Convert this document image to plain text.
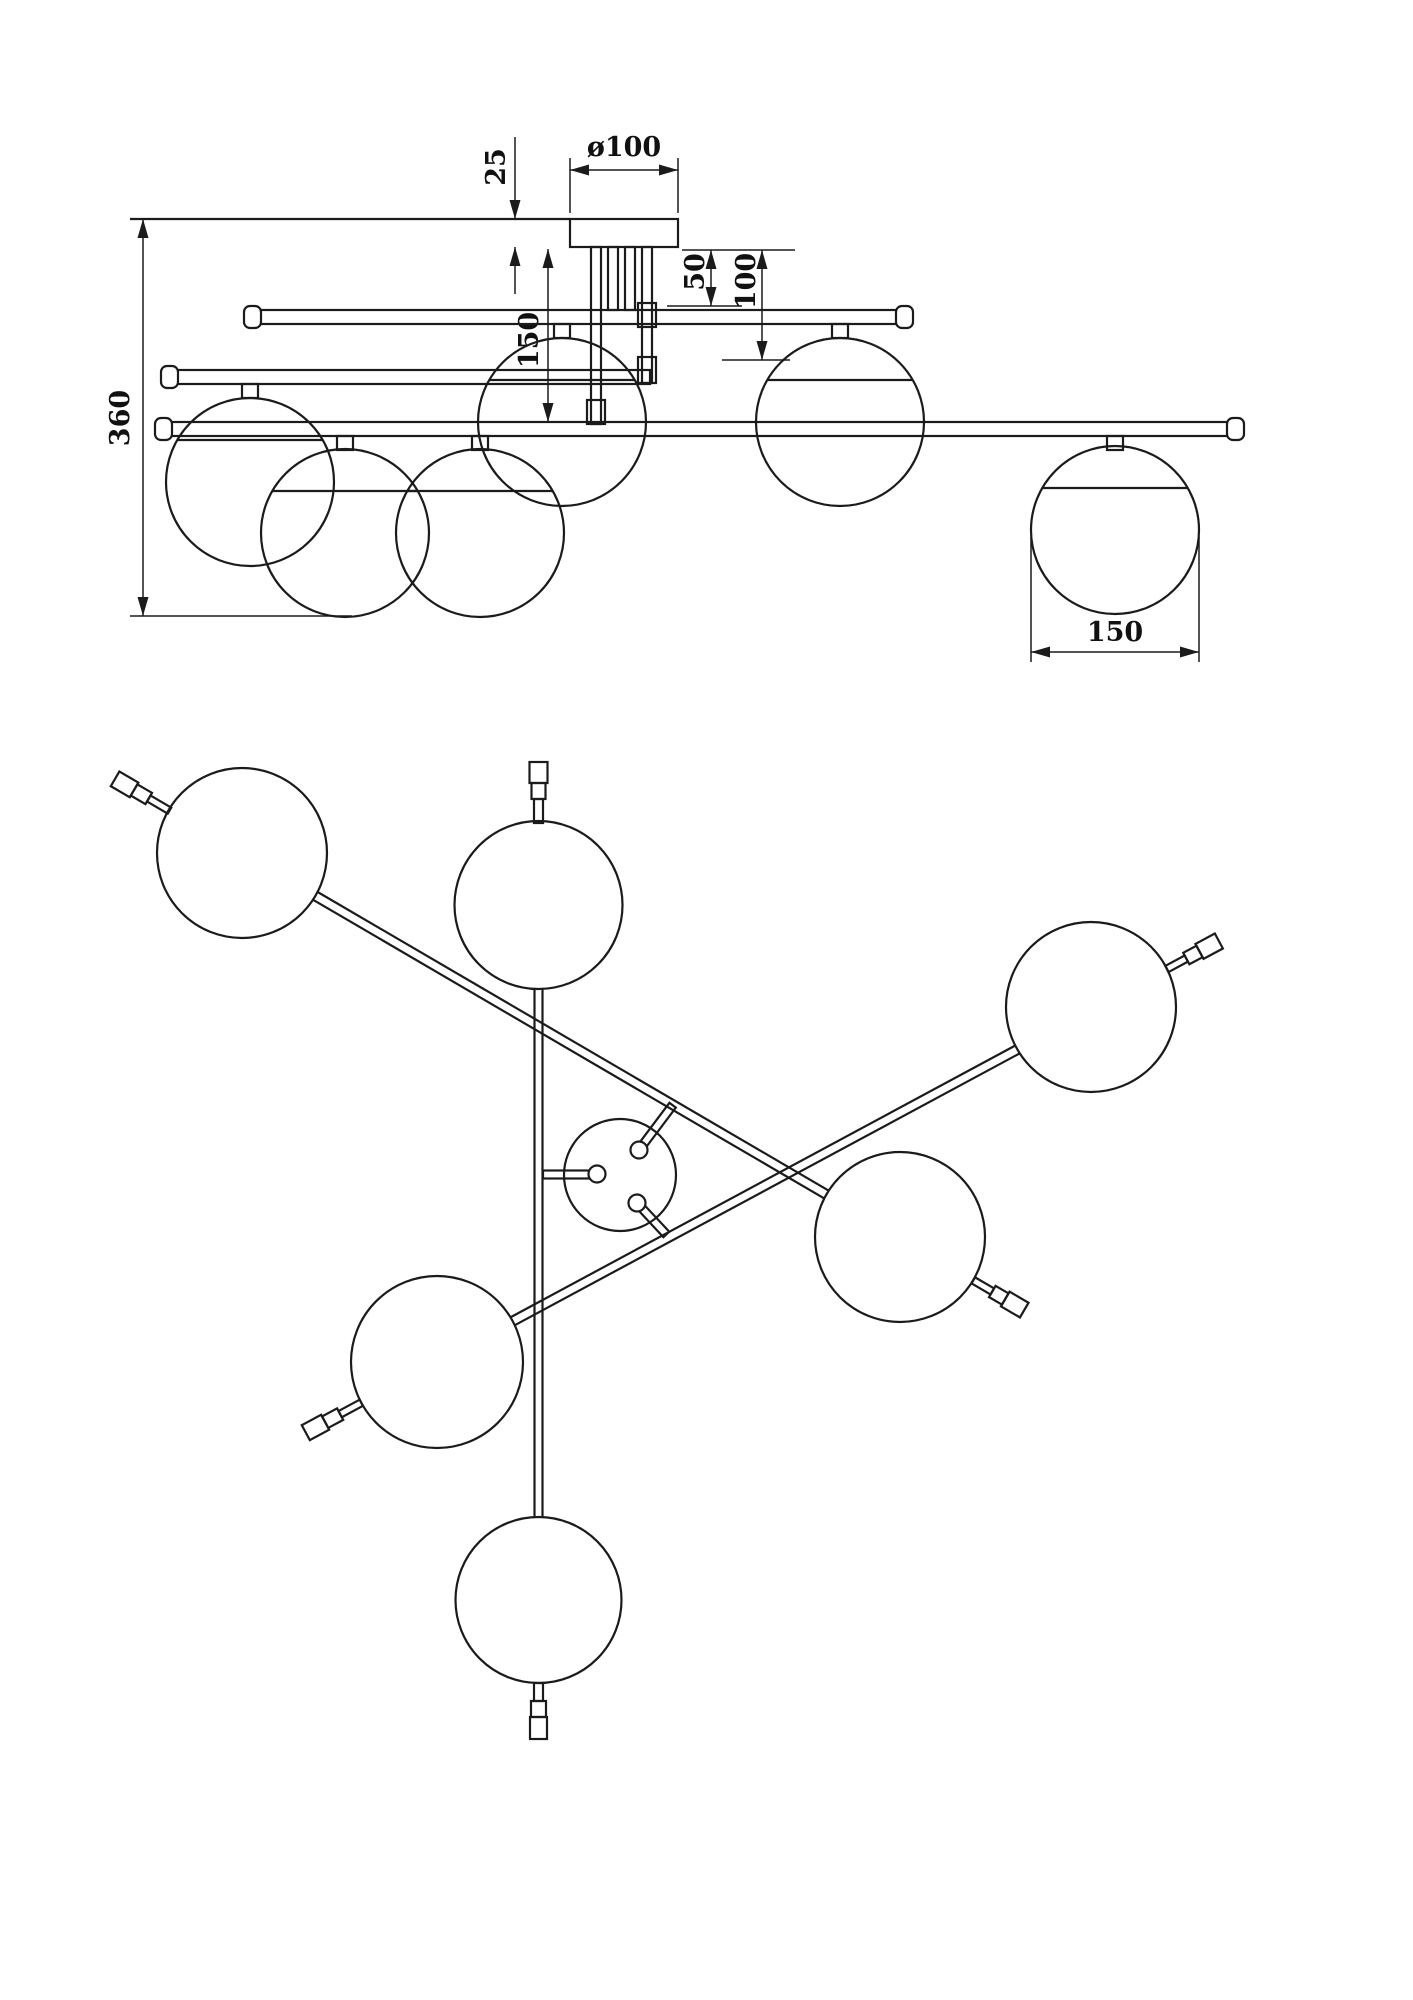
360
ø100
25
150
50 100
150
